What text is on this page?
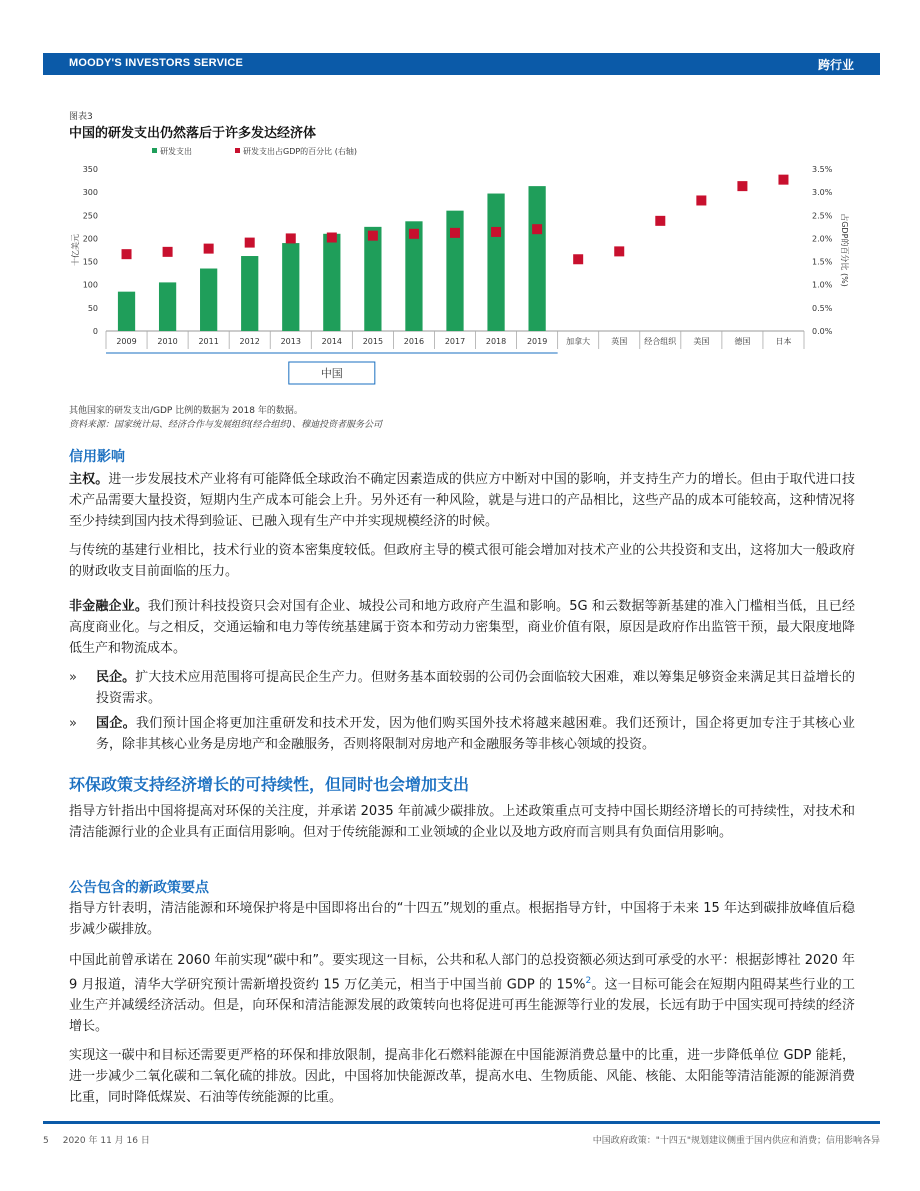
MOODY'S INVESTORS SERVICE	跨行业
图表3
中国的研发支出仍然落后于许多发达经济体
研发支出	研发支出占GDP的百分比 (右轴)
0
50
100
150
200
250
300
350
0.0%
0.5%
1.0%
1.5%
2.0%
2.5%
3.0%
3.5%
十亿美元	占GDP的百分比 (%)
2009	2010	2011	2012	2013	2014	2015	2016	2017	2018	2019 加拿大	英国 经合组织 美国	德国	日本
中国
其他国家的研发支出/GDP 比例的数据为 2018 年的数据。
资料来源：国家统计局、经济合作与发展组织(经合组织)、穆迪投资者服务公司
信用影响
主权。进一步发展技术产业将有可能降低全球政治不确定因素造成的供应方中断对中国的影响，并支持生产力的增长。但由于取代进口技术产品需要大量投资，短期内生产成本可能会上升。另外还有一种风险，就是与进口的产品相比，这些产品的成本可能较高，这种情况将至少持续到国内技术得到验证、已融入现有生产中并实现规模经济的时候。
与传统的基建行业相比，技术行业的资本密集度较低。但政府主导的模式很可能会增加对技术产业的公共投资和支出，这将加大一般政府的财政收支目前面临的压力。
非金融企业。我们预计科技投资只会对国有企业、城投公司和地方政府产生温和影响。5G 和云数据等新基建的准入门槛相当低，且已经高度商业化。与之相反，交通运输和电力等传统基建属于资本和劳动力密集型，商业价值有限，原因是政府作出监管干预，最大限度地降低生产和物流成本。
» 民企。扩大技术应用范围将可提高民企生产力。但财务基本面较弱的公司仍会面临较大困难，难以筹集足够资金来满足其日益增长的投资需求。
» 国企。我们预计国企将更加注重研发和技术开发，因为他们购买国外技术将越来越困难。我们还预计，国企将更加专注于其核心业务，除非其核心业务是房地产和金融服务，否则将限制对房地产和金融服务等非核心领域的投资。
环保政策支持经济增长的可持续性，但同时也会增加支出
指导方针指出中国将提高对环保的关注度，并承诺 2035 年前减少碳排放。上述政策重点可支持中国长期经济增长的可持续性，对技术和清洁能源行业的企业具有正面信用影响。但对于传统能源和工业领域的企业以及地方政府而言则具有负面信用影响。
公告包含的新政策要点
指导方针表明，清洁能源和环境保护将是中国即将出台的“十四五”规划的重点。根据指导方针，中国将于未来 15 年达到碳排放峰值后稳步减少碳排放。
中国此前曾承诺在 2060 年前实现“碳中和”。要实现这一目标，公共和私人部门的总投资额必须达到可承受的水平：根据彭博社 2020 年 9 月报道，清华大学研究预计需新增投资约 15 万亿美元，相当于中国当前 GDP 的 15%$^2$。这一目标可能会在短期内阻碍某些行业的工业生产并减缓经济活动。但是，向环保和清洁能源发展的政策转向也将促进可再生能源等行业的发展，长远有助于中国实现可持续的经济增长。
实现这一碳中和目标还需要更严格的环保和排放限制，提高非化石燃料能源在中国能源消费总量中的比重，进一步降低单位 GDP 能耗，进一步减少二氧化碳和二氧化硫的排放。因此，中国将加快能源改革，提高水电、生物质能、风能、核能、太阳能等清洁能源的能源消费比重，同时降低煤炭、石油等传统能源的比重。
5 2020 年 11 月 16 日	中国政府政策："十四五"规划建议侧重于国内供应和消费；信用影响各异
